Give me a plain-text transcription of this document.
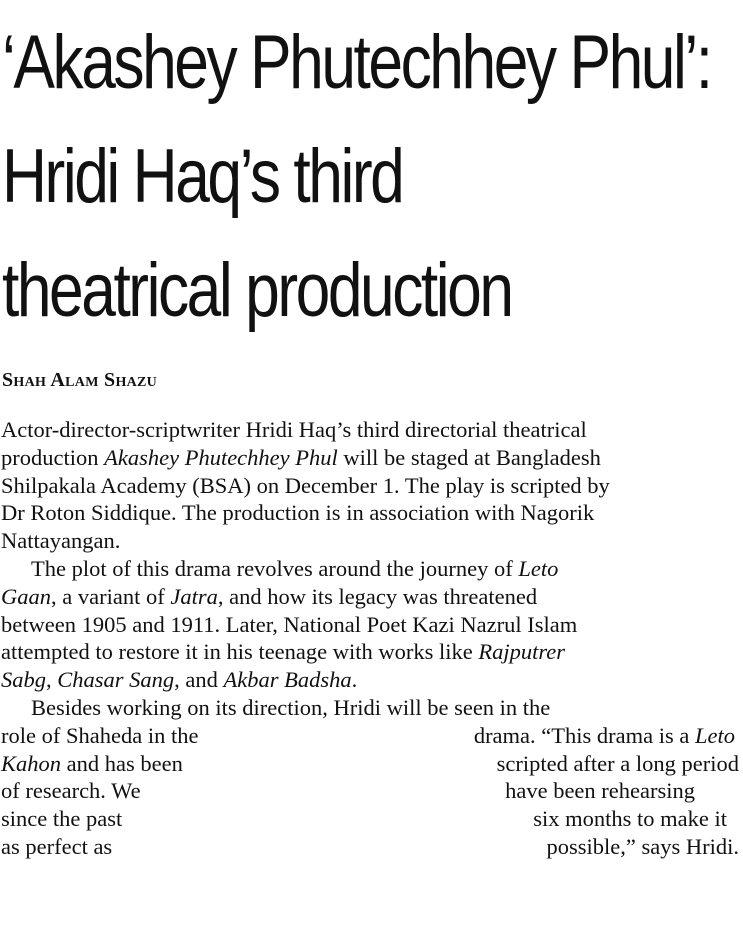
‘Akashey Phutechhey Phul’:
Hridi Haq’s third
theatrical production

Shah Alam Shazu

Actor-director-scriptwriter Hridi Haq’s third directorial theatrical
production Akashey Phutechhey Phul will be staged at Bangladesh
Shilpakala Academy (BSA) on December 1. The play is scripted by
Dr Roton Siddique. The production is in association with Nagorik
Nattayangan.
The plot of this drama revolves around the journey of Leto
Gaan, a variant of Jatra, and how its legacy was threatened
between 1905 and 1911. Later, National Poet Kazi Nazrul Islam
attempted to restore it in his teenage with works like Rajputrer
Sabg, Chasar Sang, and Akbar Badsha.
Besides working on its direction, Hridi will be seen in the
role of Shaheda in the	drama. “This drama is a Leto
Kahon and has been	scripted after a long period
of research. We	have been rehearsing
since the past	six months to make it
as perfect as	possible,” says Hridi.
